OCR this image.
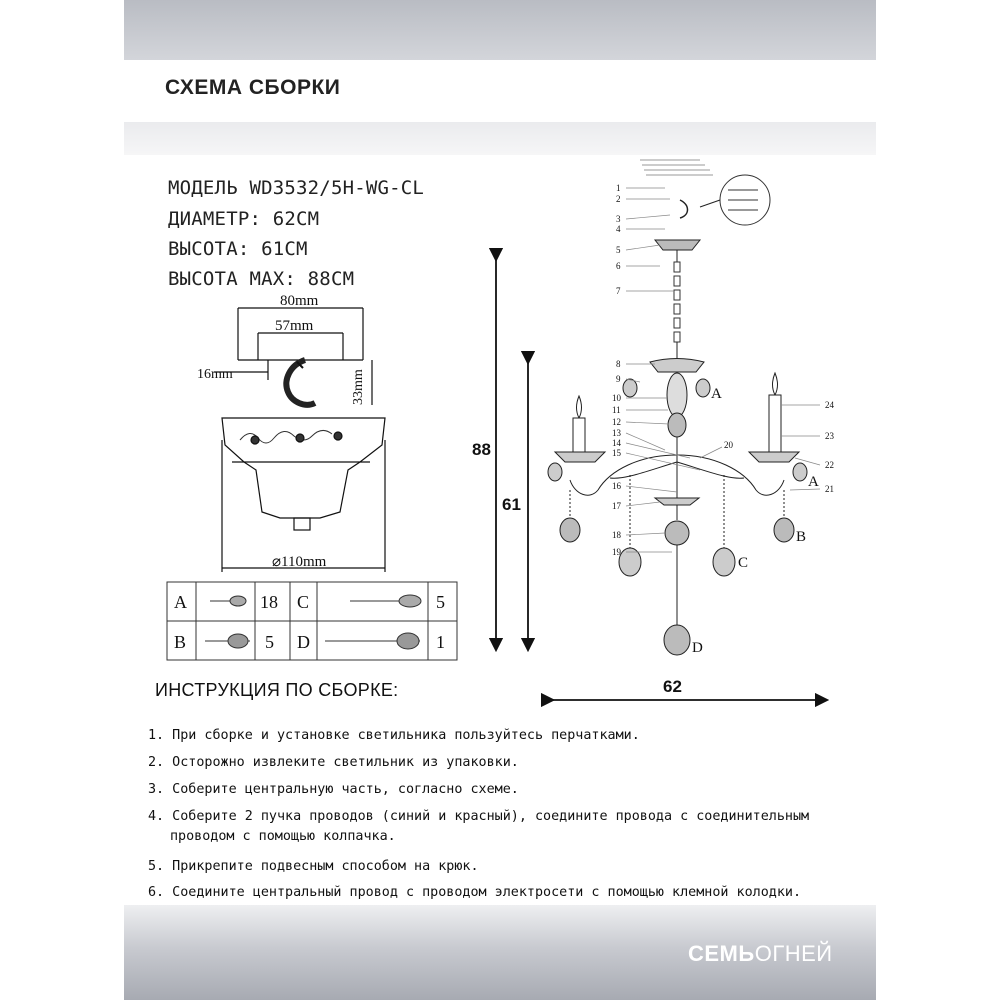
СХЕМА СБОРКИ
МОДЕЛЬ WD3532/5H-WG-CL
ДИАМЕТР: 62СМ
ВЫСОТА: 61СМ
ВЫСОТА MAX: 88СМ
80mm
57mm
16mm	33mm
⌀110mm
A	18 C	5
B	5 D	1
88
61
62
1
2
3
4
5
6
7
8
9
10
11
12
13
14
15
16
17
18
19
20
21
22
23
24
A
A
B
C
D
ИНСТРУКЦИЯ ПО СБОРКЕ:
1. При сборке и установке светильника пользуйтесь перчатками.
2. Осторожно извлеките светильник из упаковки.
3. Соберите центральную часть, согласно схеме.
4. Соберите 2 пучка проводов (синий и красный), соедините провода с соединительным
проводом с помощью колпачка.
5. Прикрепите подвесным способом на крюк.
6. Соедините центральный провод с проводом электросети с помощью клемной колодки.
СЕМЬОГНЕЙ
